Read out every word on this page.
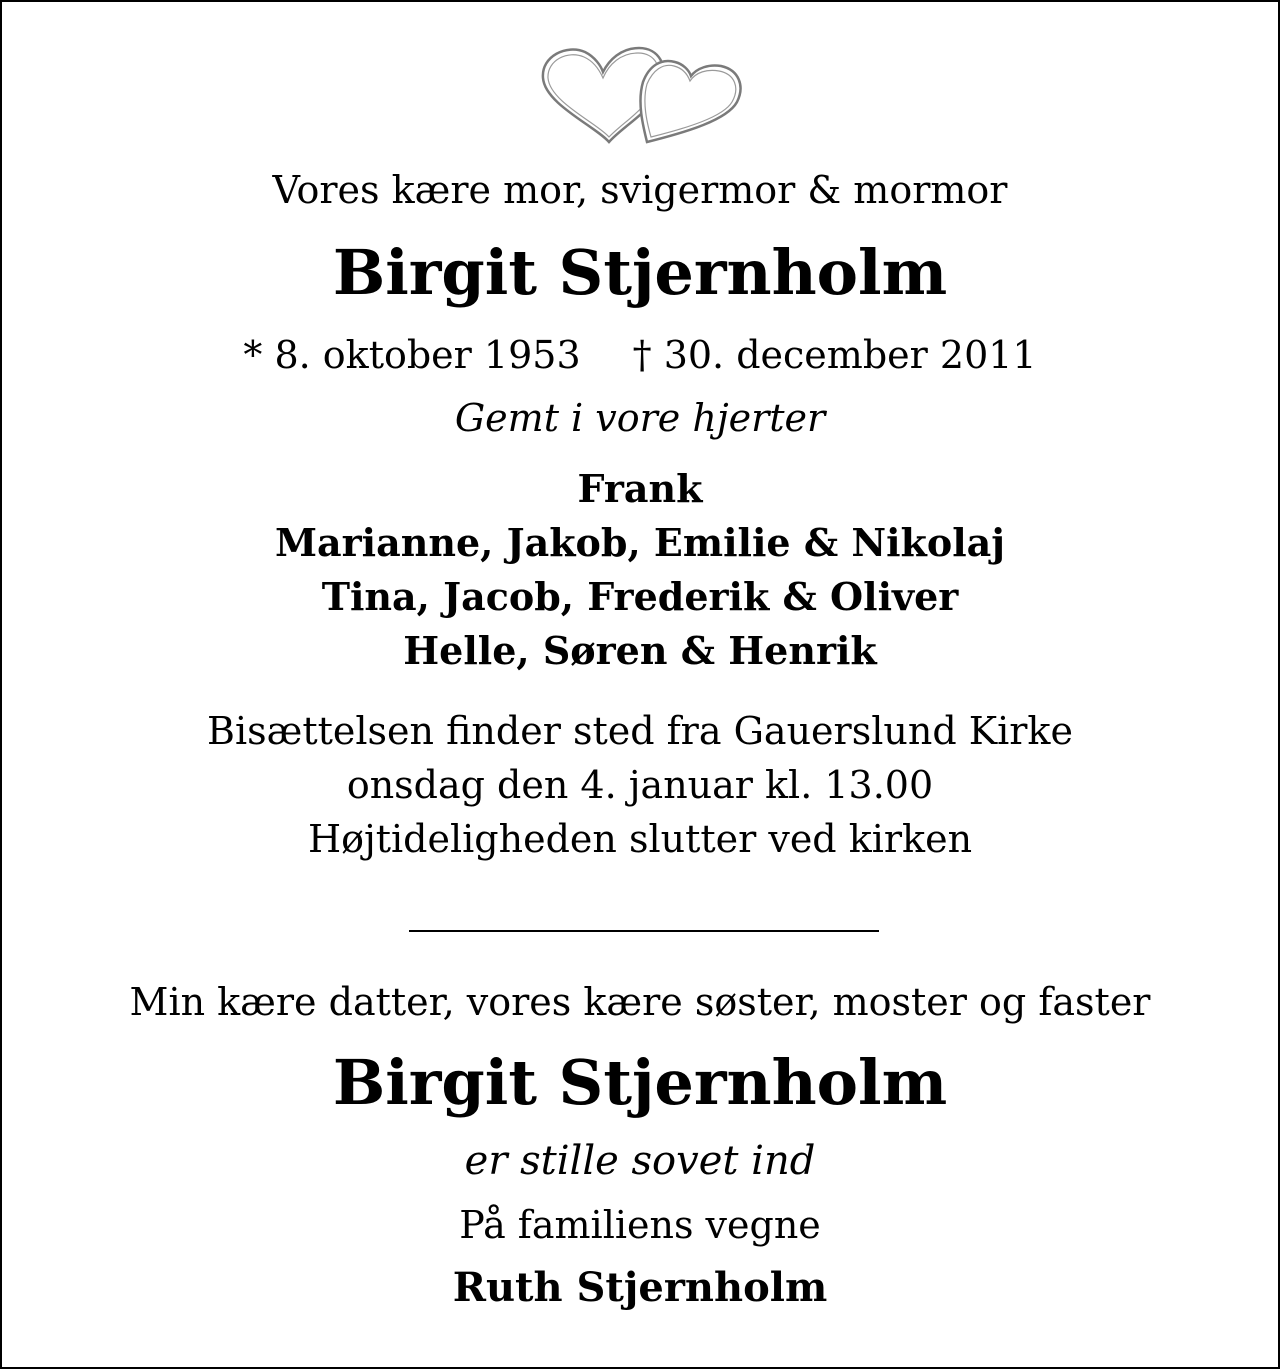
Vores kære mor, svigermor & mormor
Birgit Stjernholm
* 8. oktober 1953 † 30. december 2011
Gemt i vore hjerter
Frank
Marianne, Jakob, Emilie & Nikolaj
Tina, Jacob, Frederik & Oliver
Helle, Søren & Henrik
Bisættelsen finder sted fra Gauerslund Kirke
onsdag den 4. januar kl. 13.00
Højtideligheden slutter ved kirken
Min kære datter, vores kære søster, moster og faster
Birgit Stjernholm
er stille sovet ind
På familiens vegne
Ruth Stjernholm
